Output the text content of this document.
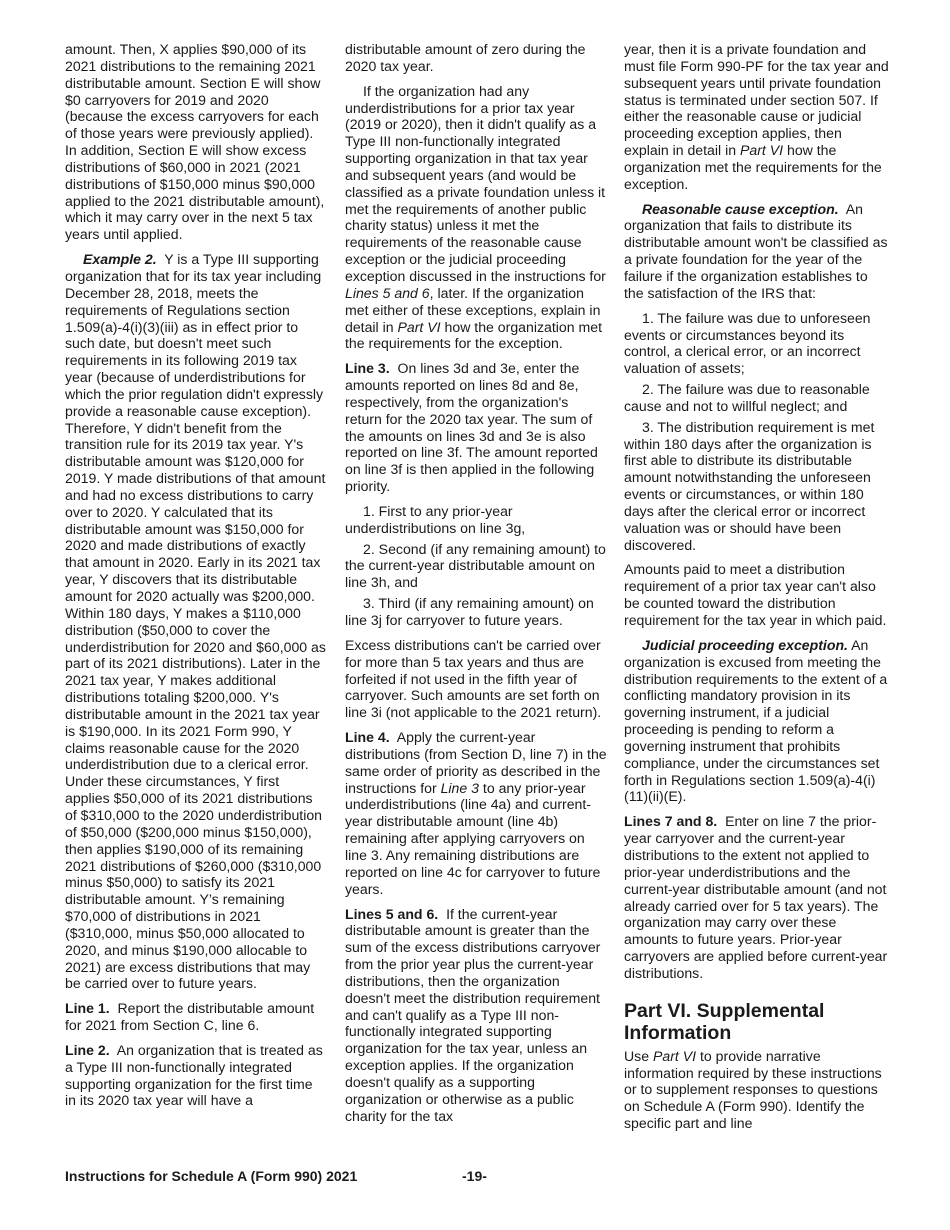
amount. Then, X applies $90,000 of its 2021 distributions to the remaining 2021 distributable amount. Section E will show $0 carryovers for 2019 and 2020 (because the excess carryovers for each of those years were previously applied). In addition, Section E will show excess distributions of $60,000 in 2021 (2021 distributions of $150,000 minus $90,000 applied to the 2021 distributable amount), which it may carry over in the next 5 tax years until applied.

Example 2. Y is a Type III supporting organization that for its tax year including December 28, 2018, meets the requirements of Regulations section 1.509(a)-4(i)(3)(iii) as in effect prior to such date, but doesn't meet such requirements in its following 2019 tax year (because of underdistributions for which the prior regulation didn't expressly provide a reasonable cause exception). Therefore, Y didn't benefit from the transition rule for its 2019 tax year. Y's distributable amount was $120,000 for 2019. Y made distributions of that amount and had no excess distributions to carry over to 2020. Y calculated that its distributable amount was $150,000 for 2020 and made distributions of exactly that amount in 2020. Early in its 2021 tax year, Y discovers that its distributable amount for 2020 actually was $200,000. Within 180 days, Y makes a $110,000 distribution ($50,000 to cover the underdistribution for 2020 and $60,000 as part of its 2021 distributions). Later in the 2021 tax year, Y makes additional distributions totaling $200,000. Y's distributable amount in the 2021 tax year is $190,000. In its 2021 Form 990, Y claims reasonable cause for the 2020 underdistribution due to a clerical error. Under these circumstances, Y first applies $50,000 of its 2021 distributions of $310,000 to the 2020 underdistribution of $50,000 ($200,000 minus $150,000), then applies $190,000 of its remaining 2021 distributions of $260,000 ($310,000 minus $50,000) to satisfy its 2021 distributable amount. Y’s remaining $70,000 of distributions in 2021 ($310,000, minus $50,000 allocated to 2020, and minus $190,000 allocable to 2021) are excess distributions that may be carried over to future years.

Line 1. Report the distributable amount for 2021 from Section C, line 6.

Line 2. An organization that is treated as a Type III non-functionally integrated supporting organization for the first time in its 2020 tax year will have a

distributable amount of zero during the 2020 tax year.

If the organization had any underdistributions for a prior tax year (2019 or 2020), then it didn't qualify as a Type III non-functionally integrated supporting organization in that tax year and subsequent years (and would be classified as a private foundation unless it met the requirements of another public charity status) unless it met the requirements of the reasonable cause exception or the judicial proceeding exception discussed in the instructions for Lines 5 and 6, later. If the organization met either of these exceptions, explain in detail in Part VI how the organization met the requirements for the exception.

Line 3. On lines 3d and 3e, enter the amounts reported on lines 8d and 8e, respectively, from the organization's return for the 2020 tax year. The sum of the amounts on lines 3d and 3e is also reported on line 3f. The amount reported on line 3f is then applied in the following priority.

1. First to any prior-year underdistributions on line 3g,

2. Second (if any remaining amount) to the current-year distributable amount on line 3h, and

3. Third (if any remaining amount) on line 3j for carryover to future years.

Excess distributions can't be carried over for more than 5 tax years and thus are forfeited if not used in the fifth year of carryover. Such amounts are set forth on line 3i (not applicable to the 2021 return).

Line 4. Apply the current-year distributions (from Section D, line 7) in the same order of priority as described in the instructions for Line 3 to any prior-year underdistributions (line 4a) and current-year distributable amount (line 4b) remaining after applying carryovers on line 3. Any remaining distributions are reported on line 4c for carryover to future years.

Lines 5 and 6. If the current-year distributable amount is greater than the sum of the excess distributions carryover from the prior year plus the current-year distributions, then the organization doesn't meet the distribution requirement and can't qualify as a Type III non-functionally integrated supporting organization for the tax year, unless an exception applies. If the organization doesn't qualify as a supporting organization or otherwise as a public charity for the tax

year, then it is a private foundation and must file Form 990-PF for the tax year and subsequent years until private foundation status is terminated under section 507. If either the reasonable cause or judicial proceeding exception applies, then explain in detail in Part VI how the organization met the requirements for the exception.

Reasonable cause exception. An organization that fails to distribute its distributable amount won't be classified as a private foundation for the year of the failure if the organization establishes to the satisfaction of the IRS that:

1. The failure was due to unforeseen events or circumstances beyond its control, a clerical error, or an incorrect valuation of assets;

2. The failure was due to reasonable cause and not to willful neglect; and

3. The distribution requirement is met within 180 days after the organization is first able to distribute its distributable amount notwithstanding the unforeseen events or circumstances, or within 180 days after the clerical error or incorrect valuation was or should have been discovered.

Amounts paid to meet a distribution requirement of a prior tax year can't also be counted toward the distribution requirement for the tax year in which paid.

Judicial proceeding exception. An organization is excused from meeting the distribution requirements to the extent of a conflicting mandatory provision in its governing instrument, if a judicial proceeding is pending to reform a governing instrument that prohibits compliance, under the circumstances set forth in Regulations section 1.509(a)-4(i)(11)(ii)(E).

Lines 7 and 8. Enter on line 7 the prior-year carryover and the current-year distributions to the extent not applied to prior-year underdistributions and the current-year distributable amount (and not already carried over for 5 tax years). The organization may carry over these amounts to future years. Prior-year carryovers are applied before current-year distributions.

Part VI. Supplemental Information

Use Part VI to provide narrative information required by these instructions or to supplement responses to questions on Schedule A (Form 990). Identify the specific part and line

Instructions for Schedule A (Form 990) 2021	-19-
